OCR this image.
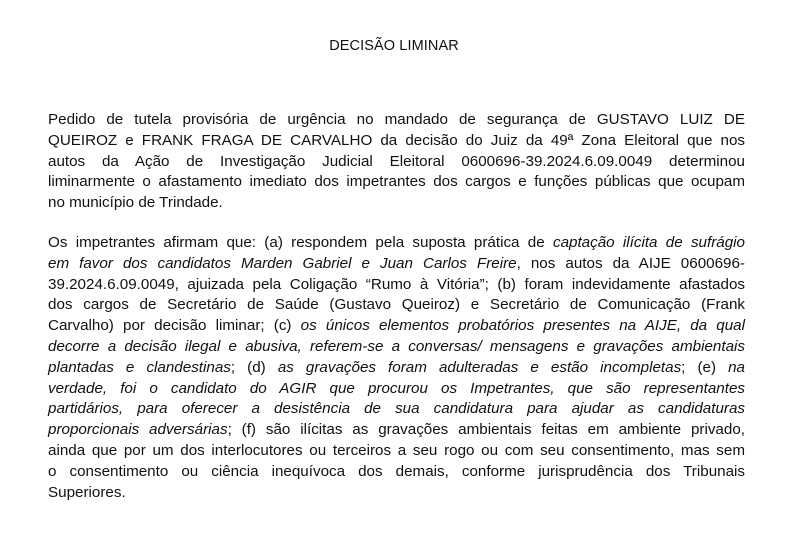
DECISÃO LIMINAR
Pedido de tutela provisória de urgência no mandado de segurança de GUSTAVO LUIZ DE
QUEIROZ e FRANK FRAGA DE CARVALHO da decisão do Juiz da 49ª Zona Eleitoral que nos
autos da Ação de Investigação Judicial Eleitoral 0600696-39.2024.6.09.0049 determinou
liminarmente o afastamento imediato dos impetrantes dos cargos e funções públicas que ocupam
no município de Trindade.
Os impetrantes afirmam que: (a) respondem pela suposta prática de captação ilícita de sufrágio
em favor dos candidatos Marden Gabriel e Juan Carlos Freire, nos autos da AIJE 0600696-
39.2024.6.09.0049, ajuizada pela Coligação “Rumo à Vitória”; (b) foram indevidamente afastados
dos cargos de Secretário de Saúde (Gustavo Queiroz) e Secretário de Comunicação (Frank
Carvalho) por decisão liminar; (c) os únicos elementos probatórios presentes na AIJE, da qual
decorre a decisão ilegal e abusiva, referem-se a conversas/ mensagens e gravações ambientais
plantadas e clandestinas; (d) as gravações foram adulteradas e estão incompletas; (e) na
verdade, foi o candidato do AGIR que procurou os Impetrantes, que são representantes
partidários, para oferecer a desistência de sua candidatura para ajudar as candidaturas
proporcionais adversárias; (f) são ilícitas as gravações ambientais feitas em ambiente privado,
ainda que por um dos interlocutores ou terceiros a seu rogo ou com seu consentimento, mas sem
o consentimento ou ciência inequívoca dos demais, conforme jurisprudência dos Tribunais
Superiores.
